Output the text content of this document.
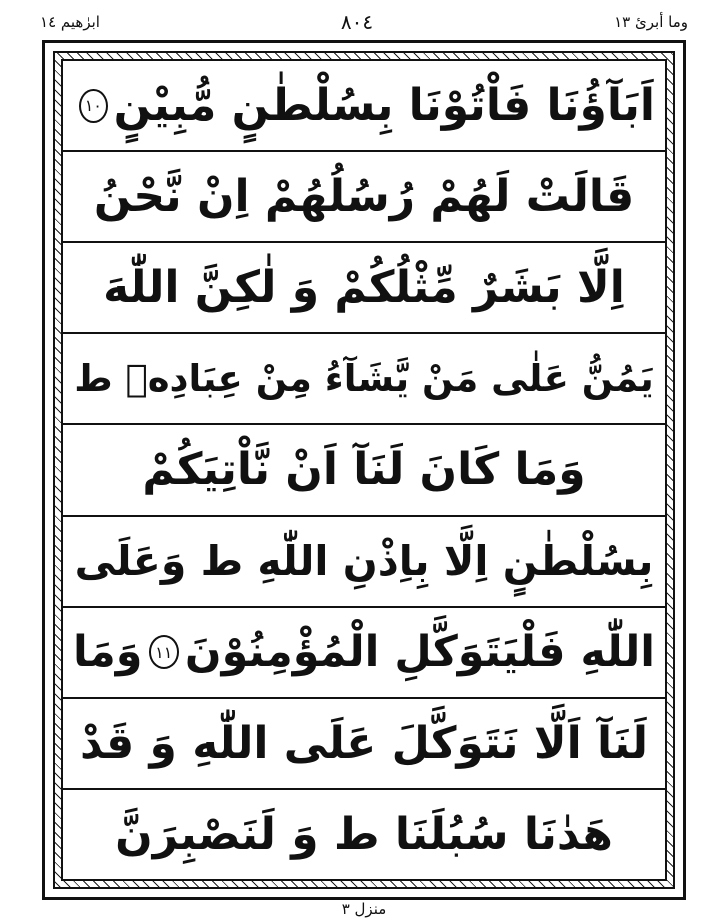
وما أبرئ ١٣
٨٠٤
ابرٰهیم ١٤
اَبَآؤُنَا فَاْتُوْنَا بِسُلْطٰنٍ مُّبِيْنٍ
١٠
قَالَتْ لَهُمْ رُسُلُهُمْ اِنْ نَّحْنُ
اِلَّا بَشَرٌ مِّثْلُكُمْ وَ لٰكِنَّ اللّٰهَ
يَمُنُّ عَلٰى مَنْ يَّشَآءُ مِنْ عِبَادِهٖ ط
وَمَا كَانَ لَنَآ اَنْ نَّاْتِيَكُمْ
بِسُلْطٰنٍ اِلَّا بِاِذْنِ اللّٰهِ ط وَعَلَى
اللّٰهِ فَلْيَتَوَكَّلِ الْمُؤْمِنُوْنَ
١١
وَمَا
لَنَآ اَلَّا نَتَوَكَّلَ عَلَى اللّٰهِ وَ قَدْ
هَدٰنَا سُبُلَنَا ط وَ لَنَصْبِرَنَّ
منزل ٣
